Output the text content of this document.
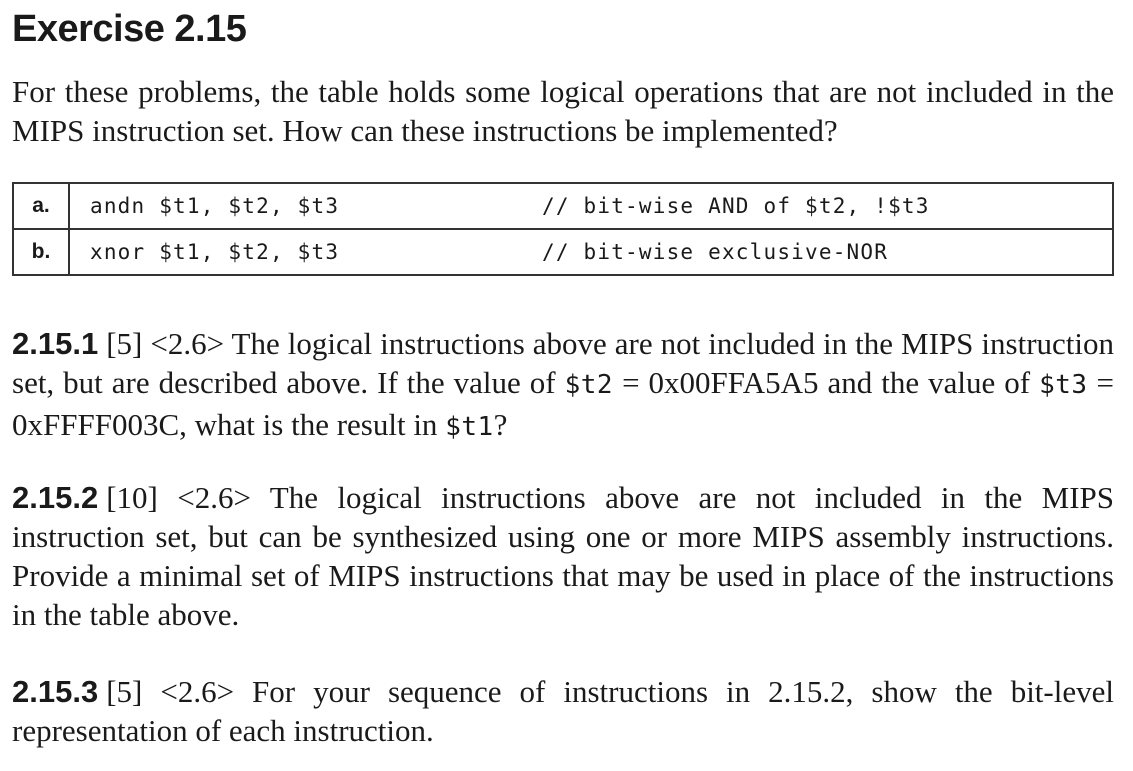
Exercise 2.15
For these problems, the table holds some logical operations that are not included in the MIPS instruction set. How can these instructions be implemented?
a.	andn $t1, $t2, $t3	// bit-wise AND of $t2, !$t3
b.	xnor $t1, $t2, $t3	// bit-wise exclusive-NOR
2.15.1 [5] <2.6> The logical instructions above are not included in the MIPS instruction set, but are described above. If the value of $t2 = 0x00FFA5A5 and the value of $t3 = 0xFFFF003C, what is the result in $t1?
2.15.2 [10] <2.6> The logical instructions above are not included in the MIPS instruction set, but can be synthesized using one or more MIPS assembly instructions. Provide a minimal set of MIPS instructions that may be used in place of the instructions in the table above.
2.15.3 [5] <2.6> For your sequence of instructions in 2.15.2, show the bit-level representation of each instruction.
